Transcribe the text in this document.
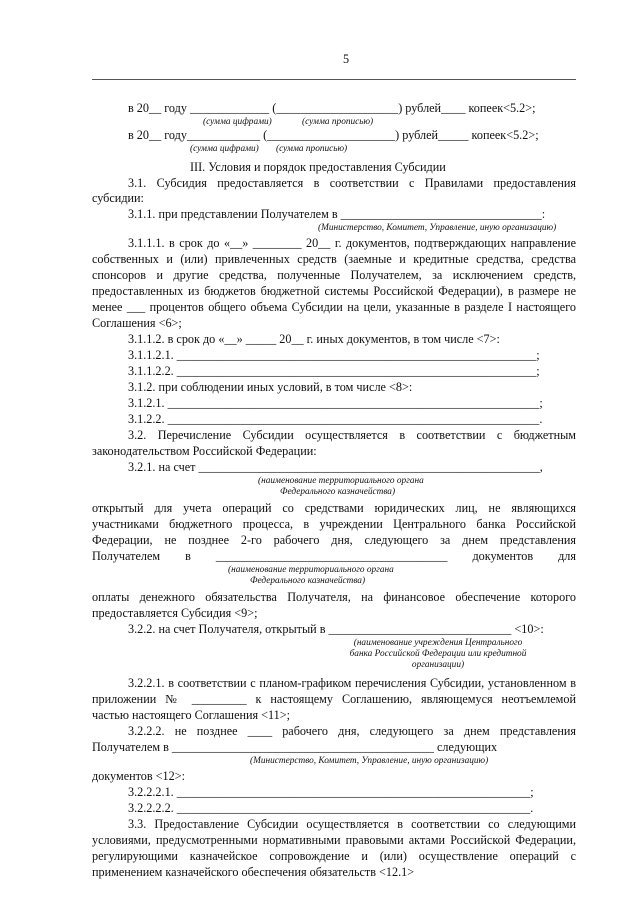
5
в 20__ году _____________ (____________________) рублей____ копеек<5.2>;
(сумма цифрами)	(сумма прописью)
в 20__ году____________ (_____________________) рублей_____ копеек<5.2>;
(сумма цифрами) (сумма прописью)
III. Условия и порядок предоставления Субсидии
3.1. Субсидия предоставляется в соответствии с Правилами предоставления
субсидии:
3.1.1. при представлении Получателем в _________________________________:
(Министерство, Комитет, Управление, иную организацию)
3.1.1.1. в срок до «__» ________ 20__ г. документов, подтверждающих направление
собственных и (или) привлеченных средств (заемные и кредитные средства, средства
спонсоров и другие средства, полученные Получателем, за исключением средств,
предоставленных из бюджетов бюджетной системы Российской Федерации), в размере не
менее ___ процентов общего объема Субсидии на цели, указанные в разделе I настоящего
Соглашения <6>;
3.1.1.2. в срок до «__» _____ 20__ г. иных документов, в том числе <7>:
3.1.1.2.1. ___________________________________________________________;
3.1.1.2.2. ___________________________________________________________;
3.1.2. при соблюдении иных условий, в том числе <8>:
3.1.2.1. _____________________________________________________________;
3.1.2.2. _____________________________________________________________.
3.2. Перечисление Субсидии осуществляется в соответствии с бюджетным
законодательством Российской Федерации:
3.2.1. на счет ________________________________________________________,
(наименование территориального органа
Федерального казначейства)
открытый для учета операций со средствами юридических лиц, не являющихся
участниками бюджетного процесса, в учреждении Центрального банка Российской
Федерации, не позднее 2-го рабочего дня, следующего за днем представления
Получателем в ______________________________________ документов для
(наименование территориального органа
Федерального казначейства)
оплаты денежного обязательства Получателя, на финансовое обеспечение которого
предоставляется Субсидия <9>;
3.2.2. на счет Получателя, открытый в ______________________________ <10>:
(наименование учреждения Центрального
банка Российской Федерации или кредитной
организации)
3.2.2.1. в соответствии с планом-графиком перечисления Субсидии, установленном в
приложении № _________ к настоящему Соглашению, являющемуся неотъемлемой
частью настоящего Соглашения <11>;
3.2.2.2. не позднее ____ рабочего дня, следующего за днем представления
Получателем в ___________________________________________ следующих
(Министерство, Комитет, Управление, иную организацию)
документов <12>:
3.2.2.2.1. __________________________________________________________;
3.2.2.2.2. __________________________________________________________.
3.3. Предоставление Субсидии осуществляется в соответствии со следующими
условиями, предусмотренными нормативными правовыми актами Российской Федерации,
регулирующими казначейское сопровождение и (или) осуществление операций с
применением казначейского обеспечения обязательств <12.1>
